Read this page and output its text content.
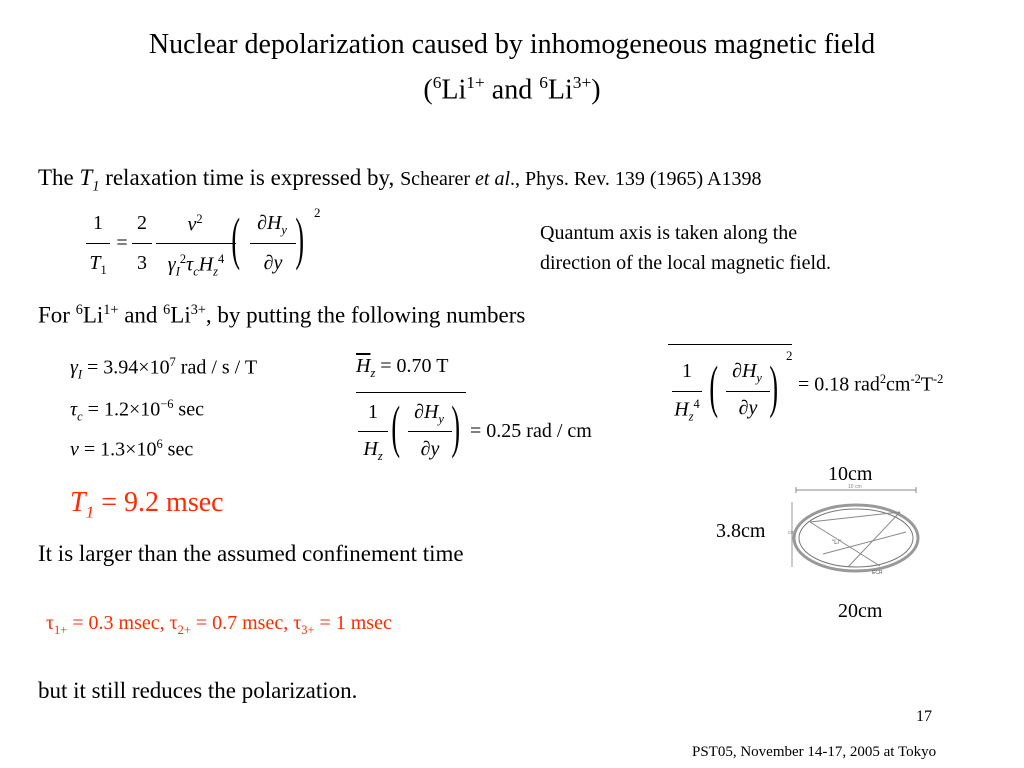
Nuclear depolarization caused by inhomogeneous magnetic field
($^6Li^{1+}$ and $^6Li^{3+}$)
The $T_1$ relaxation time is expressed by, Schearer et al., Phys. Rev. 139 (1965) A1398
1
$T_1$
=
2
3
$v^2$
$\gamma_I^2\tau_cH_z^4$ ( $\partial H_y$
∂y ) 2
Quantum axis is taken along the
direction of the local magnetic field.
For $^6Li^{1+}$ and $^6Li^{3+}$, by putting the following numbers
$\gamma_I = 3.94\times 10^7$ rad / s / T
$\tau_c = 1.2\times 10^{-6}$ sec
$v = 1.3\times 10^6$ sec
$\overline{H}_z = 0.70$ T
1
$H_z$ ( $\partial H_y$
∂y ) = 0.25 rad / cm
1
$H_z^4$ ( $\partial H_y$
∂y ) 2
= 0.18 $rad^2cm^{-2}T^{-2}$
$T_1 = 9.2$ msec
It is larger than the assumed confinement time
$\tau_{1+} = 0.3$ msec, $\tau_{2+} = 0.7$ msec, $\tau_{3+} = 1$ msec
but it still reduces the polarization.
10cm
3.8cm
20cm
10 cm
cm
"Li"
ECR
17
PST05, November 14-17, 2005 at Tokyo
